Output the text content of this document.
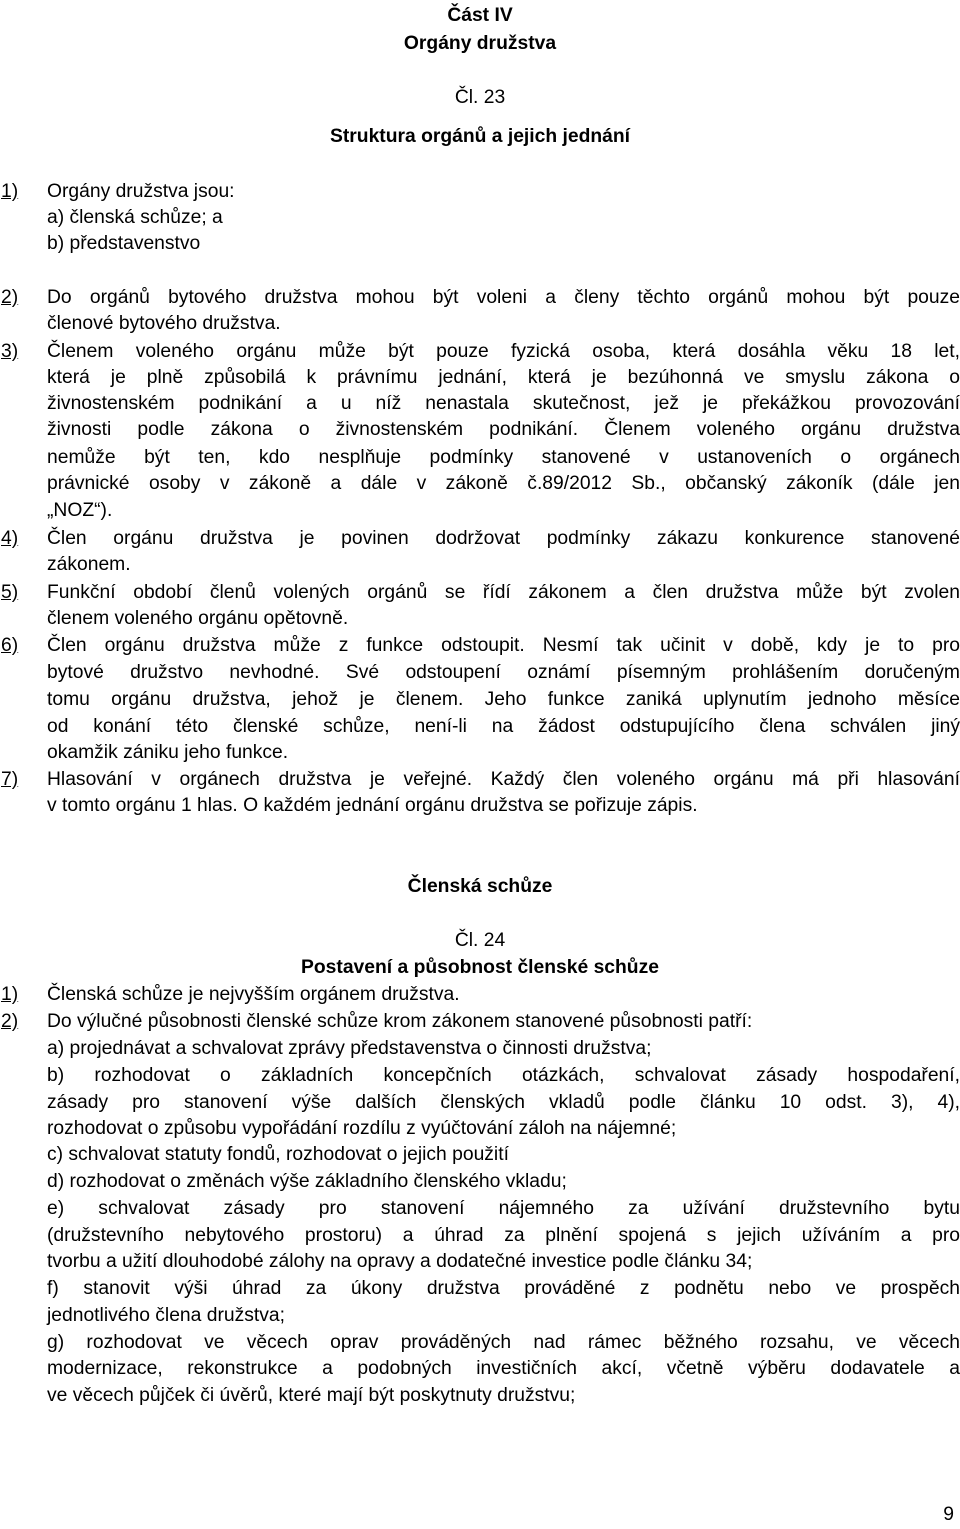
Část IV
Orgány družstva
Čl. 23
Struktura orgánů a jejich jednání
1) Orgány družstva jsou:
a) členská schůze; a
b) představenstvo
2) Do orgánů bytového družstva mohou být voleni a členy těchto orgánů mohou být pouze
členové bytového družstva.
3) Členem voleného orgánu může být pouze fyzická osoba, která dosáhla věku 18 let,
která je plně způsobilá k právnímu jednání, která je bezúhonná ve smyslu zákona o
živnostenském podnikání a u níž nenastala skutečnost, jež je překážkou provozování
živnosti podle zákona o živnostenském podnikání. Členem voleného orgánu družstva
nemůže být ten, kdo nesplňuje podmínky stanovené v ustanoveních o orgánech
právnické osoby v zákoně a dále v zákoně č.89/2012 Sb., občanský zákoník (dále jen
„NOZ“).
4) Člen orgánu družstva je povinen dodržovat podmínky zákazu konkurence stanovené
zákonem.
5) Funkční období členů volených orgánů se řídí zákonem a člen družstva může být zvolen
členem voleného orgánu opětovně.
6) Člen orgánu družstva může z funkce odstoupit. Nesmí tak učinit v době, kdy je to pro
bytové družstvo nevhodné. Své odstoupení oznámí písemným prohlášením doručeným
tomu orgánu družstva, jehož je členem. Jeho funkce zaniká uplynutím jednoho měsíce
od konání této členské schůze, není-li na žádost odstupujícího člena schválen jiný
okamžik zániku jeho funkce.
7) Hlasování v orgánech družstva je veřejné. Každý člen voleného orgánu má při hlasování
v tomto orgánu 1 hlas. O každém jednání orgánu družstva se pořizuje zápis.
Členská schůze
Čl. 24
Postavení a působnost členské schůze
1) Členská schůze je nejvyšším orgánem družstva.
2) Do výlučné působnosti členské schůze krom zákonem stanovené působnosti patří:
a) projednávat a schvalovat zprávy představenstva o činnosti družstva;
b) rozhodovat o základních koncepčních otázkách, schvalovat zásady hospodaření,
zásady pro stanovení výše dalších členských vkladů podle článku 10 odst. 3), 4),
rozhodovat o způsobu vypořádání rozdílu z vyúčtování záloh na nájemné;
c) schvalovat statuty fondů, rozhodovat o jejich použití
d) rozhodovat o změnách výše základního členského vkladu;
e) schvalovat zásady pro stanovení nájemného za užívání družstevního bytu
(družstevního nebytového prostoru) a úhrad za plnění spojená s jejich užíváním a pro
tvorbu a užití dlouhodobé zálohy na opravy a dodatečné investice podle článku 34;
f) stanovit výši úhrad za úkony družstva prováděné z podnětu nebo ve prospěch
jednotlivého člena družstva;
g) rozhodovat ve věcech oprav prováděných nad rámec běžného rozsahu, ve věcech
modernizace, rekonstrukce a podobných investičních akcí, včetně výběru dodavatele a
ve věcech půjček či úvěrů, které mají být poskytnuty družstvu;
9
